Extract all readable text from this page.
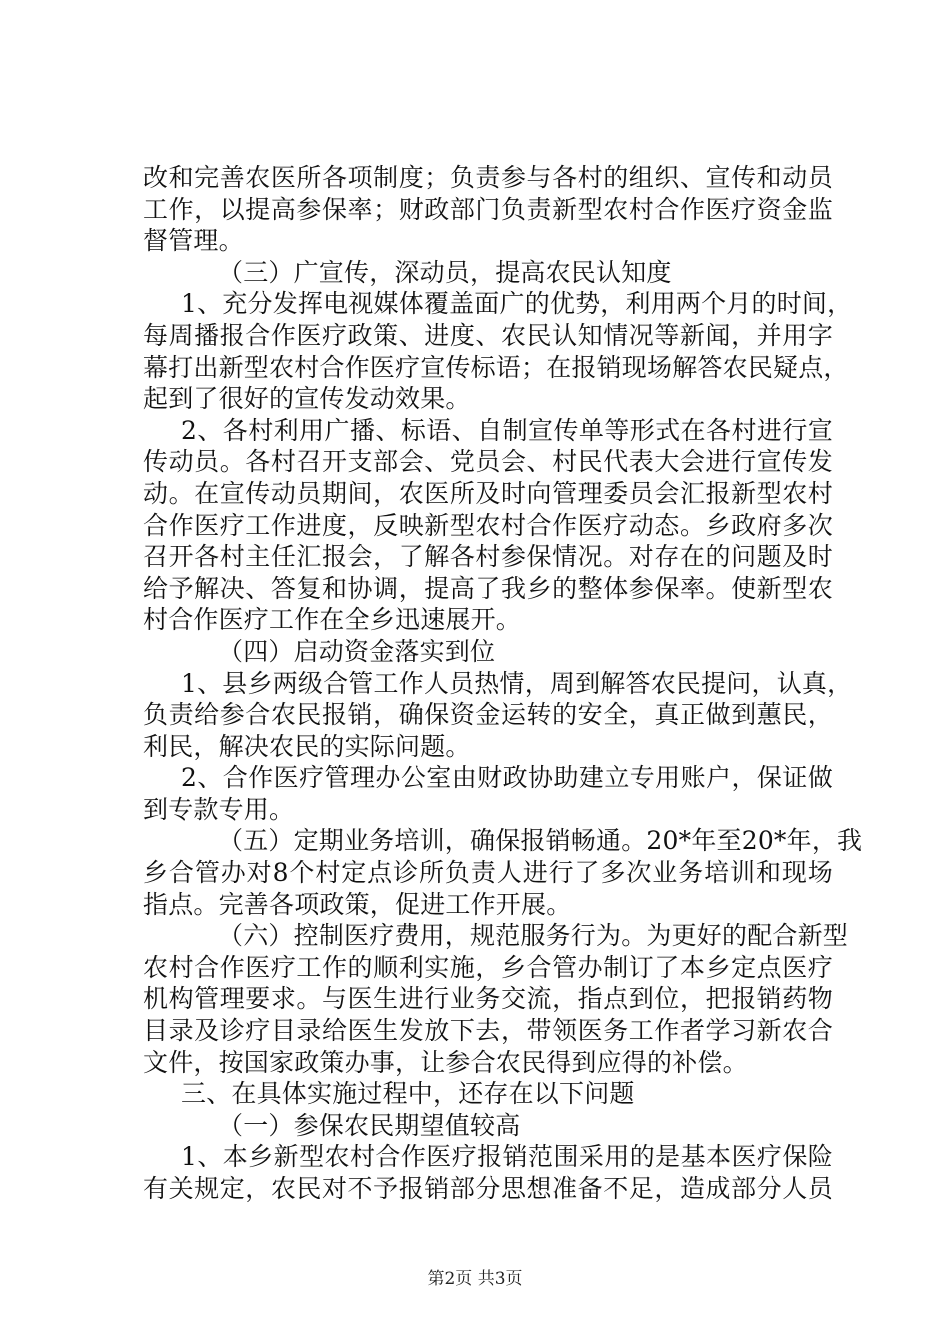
改和完善农医所各项制度；负责参与各村的组织、宣传和动员
工作，以提高参保率；财政部门负责新型农村合作医疗资金监
督管理。
（三）广宣传，深动员，提高农民认知度
1、充分发挥电视媒体覆盖面广的优势，利用两个月的时间，
每周播报合作医疗政策、进度、农民认知情况等新闻，并用字
幕打出新型农村合作医疗宣传标语；在报销现场解答农民疑点，
起到了很好的宣传发动效果。
2、各村利用广播、标语、自制宣传单等形式在各村进行宣
传动员。各村召开支部会、党员会、村民代表大会进行宣传发
动。在宣传动员期间，农医所及时向管理委员会汇报新型农村
合作医疗工作进度，反映新型农村合作医疗动态。乡政府多次
召开各村主任汇报会，了解各村参保情况。对存在的问题及时
给予解决、答复和协调，提高了我乡的整体参保率。使新型农
村合作医疗工作在全乡迅速展开。
（四）启动资金落实到位
1、县乡两级合管工作人员热情，周到解答农民提问，认真，
负责给参合农民报销，确保资金运转的安全，真正做到蕙民，
利民，解决农民的实际问题。
2、合作医疗管理办公室由财政协助建立专用账户，保证做
到专款专用。
（五）定期业务培训，确保报销畅通。20*年至20*年，我
乡合管办对8个村定点诊所负责人进行了多次业务培训和现场
指点。完善各项政策，促进工作开展。
（六）控制医疗费用，规范服务行为。为更好的配合新型
农村合作医疗工作的顺利实施，乡合管办制订了本乡定点医疗
机构管理要求。与医生进行业务交流，指点到位，把报销药物
目录及诊疗目录给医生发放下去，带领医务工作者学习新农合
文件，按国家政策办事，让参合农民得到应得的补偿。
三、在具体实施过程中，还存在以下问题
（一）参保农民期望值较高
1、本乡新型农村合作医疗报销范围采用的是基本医疗保险
有关规定，农民对不予报销部分思想准备不足，造成部分人员
第2页 共3页
